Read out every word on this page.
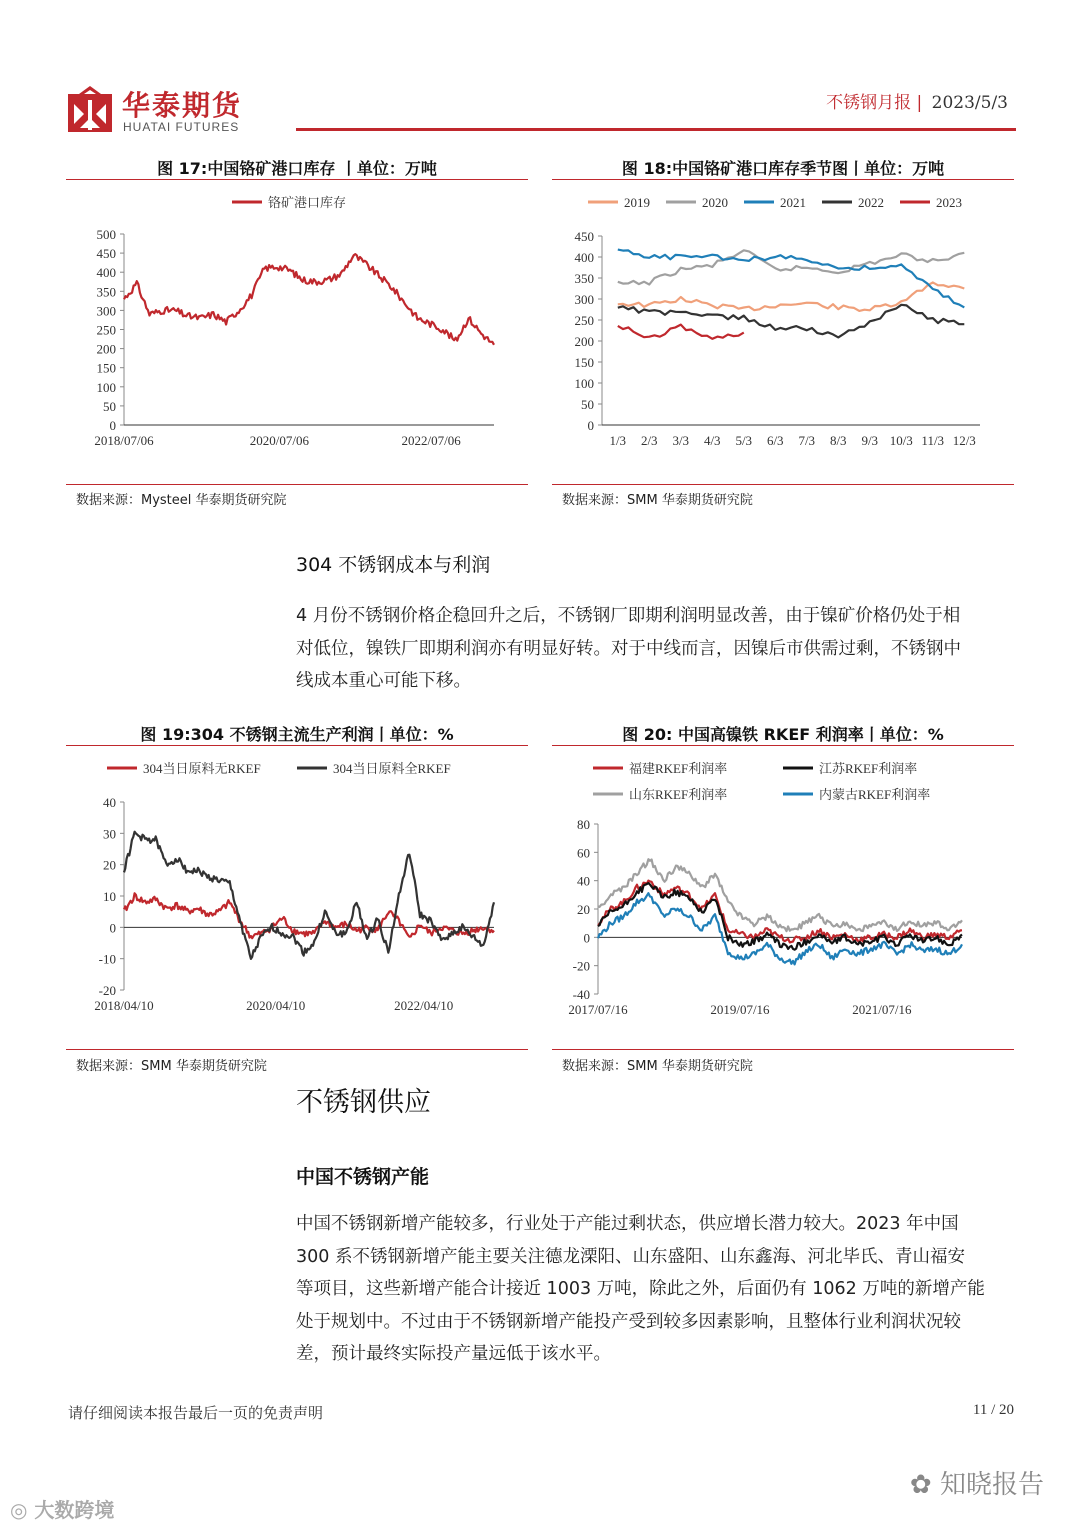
华泰期货
HUATAI FUTURES
不锈钢月报 | 2023/5/3
图 17:中国铬矿港口库存 丨单位：万吨
铬矿港口库存
500
450
400
350
300
250
200
150
100
50
0
2018/07/06	2020/07/06	2022/07/06
数据来源：Mysteel 华泰期货研究院
图 18:中国铬矿港口库存季节图丨单位：万吨
2019	2020	2021	2022	2023
450
400
350
300
250
200
150
100
50
0
1/3 2/3 3/3 4/3 5/3 6/3 7/3 8/3 9/3 10/3 11/3 12/3
数据来源：SMM 华泰期货研究院
304 不锈钢成本与利润
4 月份不锈钢价格企稳回升之后，不锈钢厂即期利润明显改善，由于镍矿价格仍处于相
对低位，镍铁厂即期利润亦有明显好转。对于中线而言，因镍后市供需过剩，不锈钢中
线成本重心可能下移。
图 19:304 不锈钢主流生产利润丨单位：%
304当日原料无RKEF	304当日原料全RKEF
40
30
20
10
0
-10
-20
2018/04/10	2020/04/10	2022/04/10
数据来源：SMM 华泰期货研究院
图 20: 中国高镍铁 RKEF 利润率丨单位：%
福建RKEF利润率	江苏RKEF利润率
山东RKEF利润率	内蒙古RKEF利润率
80
60
40
20
0
-20
-40
2017/07/16	2019/07/16	2021/07/16
数据来源：SMM 华泰期货研究院
不锈钢供应
中国不锈钢产能
中国不锈钢新增产能较多，行业处于产能过剩状态，供应增长潜力较大。2023 年中国
300 系不锈钢新增产能主要关注德龙溧阳、山东盛阳、山东鑫海、河北毕氏、青山福安
等项目，这些新增产能合计接近 1003 万吨，除此之外，后面仍有 1062 万吨的新增产能
处于规划中。不过由于不锈钢新增产能投产受到较多因素影响，且整体行业利润状况较
差，预计最终实际投产量远低于该水平。
请仔细阅读本报告最后一页的免责声明	11 / 20
✿ 知晓报告
◎ 大数跨境
